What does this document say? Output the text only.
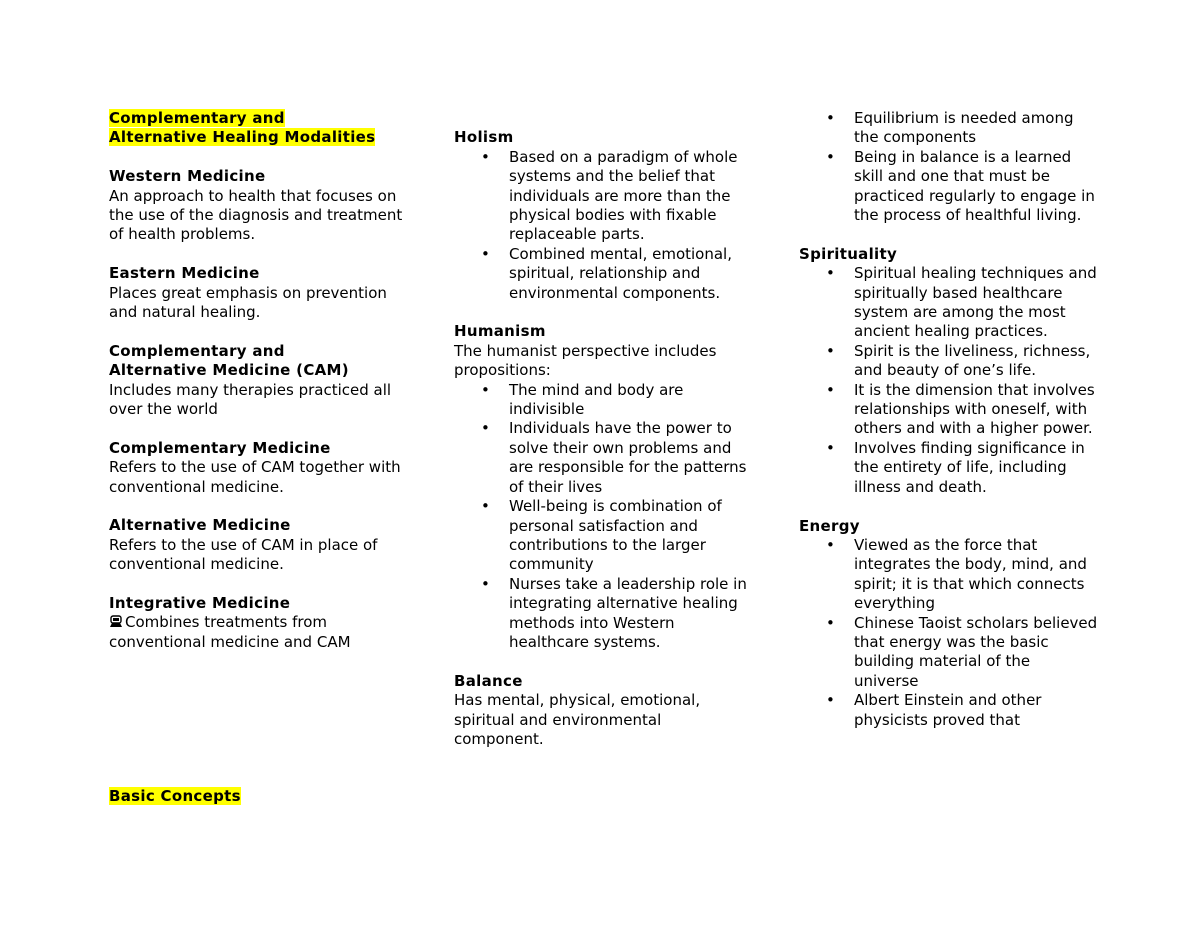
Complementary and
Alternative Healing Modalities
Western Medicine
An approach to health that focuses on the use of the diagnosis and treatment of health problems.
Eastern Medicine
Places great emphasis on prevention and natural healing.
Complementary and
Alternative Medicine (CAM)
Includes many therapies practiced all over the world
Complementary Medicine
Refers to the use of CAM together with conventional medicine.
Alternative Medicine
Refers to the use of CAM in place of conventional medicine.
Integrative Medicine
Combines treatments from conventional medicine and CAM
Basic Concepts
Holism
• Based on a paradigm of whole systems and the belief that individuals are more than the physical bodies with fixable replaceable parts.
• Combined mental, emotional, spiritual, relationship and environmental components.
Humanism
The humanist perspective includes propositions:
• The mind and body are indivisible
• Individuals have the power to solve their own problems and are responsible for the patterns of their lives
• Well-being is combination of personal satisfaction and contributions to the larger community
• Nurses take a leadership role in integrating alternative healing methods into Western healthcare systems.
Balance
Has mental, physical, emotional, spiritual and environmental component.
• Equilibrium is needed among the components
• Being in balance is a learned skill and one that must be practiced regularly to engage in the process of healthful living.
Spirituality
• Spiritual healing techniques and spiritually based healthcare system are among the most ancient healing practices.
• Spirit is the liveliness, richness, and beauty of one’s life.
• It is the dimension that involves relationships with oneself, with others and with a higher power.
• Involves finding significance in the entirety of life, including illness and death.
Energy
• Viewed as the force that integrates the body, mind, and spirit; it is that which connects everything
• Chinese Taoist scholars believed that energy was the basic building material of the universe
• Albert Einstein and other physicists proved that
